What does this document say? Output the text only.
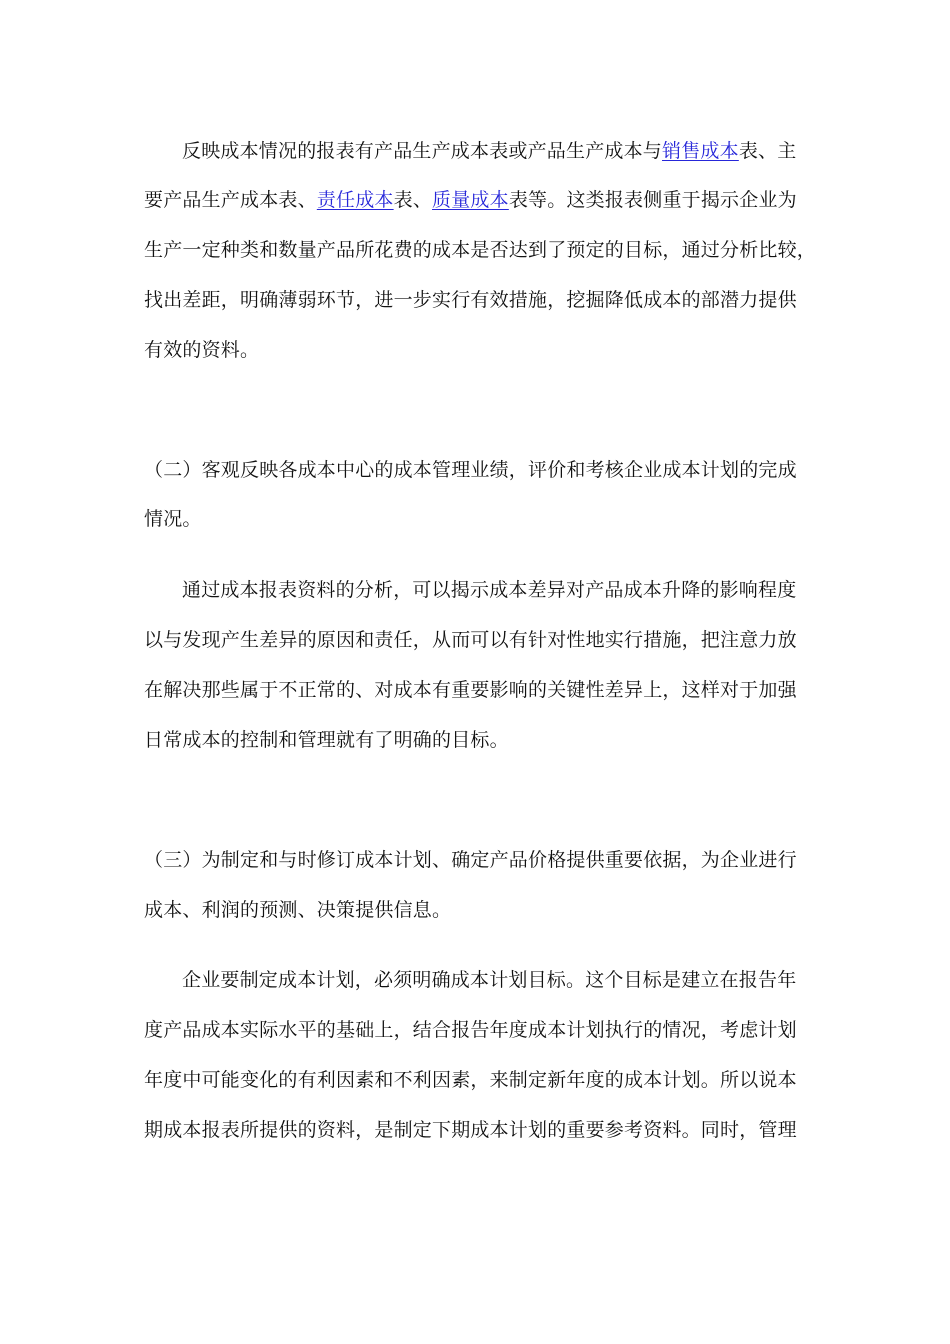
反映成本情况的报表有产品生产成本表或产品生产成本与销售成本表、主
要产品生产成本表、责任成本表、质量成本表等。这类报表侧重于揭示企业为
生产一定种类和数量产品所花费的成本是否达到了预定的目标，通过分析比较，
找出差距，明确薄弱环节，进一步实行有效措施，挖掘降低成本的部潜力提供
有效的资料。
（二）客观反映各成本中心的成本管理业绩，评价和考核企业成本计划的完成
情况。
通过成本报表资料的分析，可以揭示成本差异对产品成本升降的影响程度
以与发现产生差异的原因和责任，从而可以有针对性地实行措施，把注意力放
在解决那些属于不正常的、对成本有重要影响的关键性差异上，这样对于加强
日常成本的控制和管理就有了明确的目标。
（三）为制定和与时修订成本计划、确定产品价格提供重要依据，为企业进行
成本、利润的预测、决策提供信息。
企业要制定成本计划，必须明确成本计划目标。这个目标是建立在报告年
度产品成本实际水平的基础上，结合报告年度成本计划执行的情况，考虑计划
年度中可能变化的有利因素和不利因素，来制定新年度的成本计划。所以说本
期成本报表所提供的资料，是制定下期成本计划的重要参考资料。同时，管理
